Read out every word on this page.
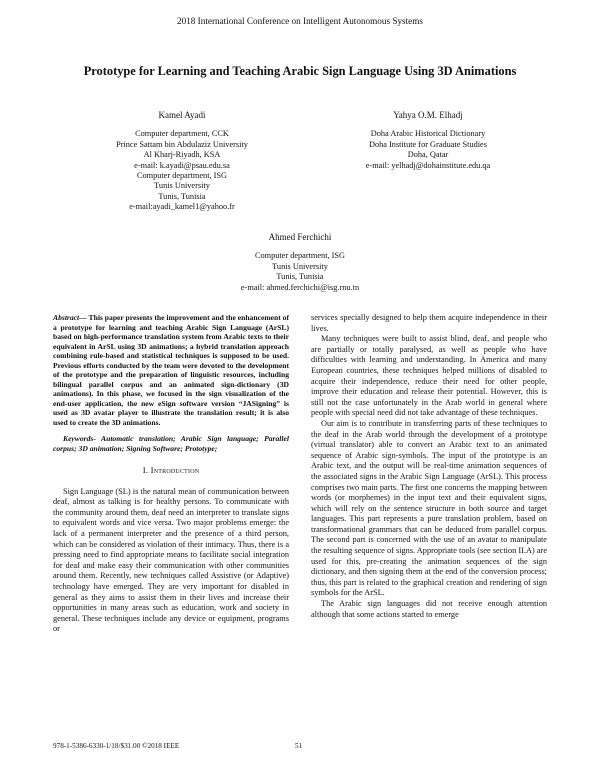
2018 International Conference on Intelligent Autonomous Systems
Prototype for Learning and Teaching Arabic Sign Language Using 3D Animations
Kamel Ayadi
Computer department, CCK
Prince Sattam bin Abdulaziz University
Al Kharj-Riyadh, KSA
e-mail: k.ayadi@psau.edu.sa
Computer department, ISG
Tunis University
Tunis, Tunisia
e-mail:ayadi_kamel1@yahoo.fr
Yahya O.M. Elhadj
Doha Arabic Historical Dictionary
Doha Institute for Graduate Studies
Doha, Qatar
e-mail: yelhadj@dohainstitute.edu.qa
Ahmed Ferchichi
Computer department, ISG
Tunis University
Tunis, Tunisia
e-mail: ahmed.ferchichi@isg.rnu.tn
Abstract— This paper presents the improvement and the enhancement of a prototype for learning and teaching Arabic Sign Language (ArSL) based on high-performance translation system from Arabic texts to their equivalent in ArSL using 3D animations; a hybrid translation approach combining rule-based and statistical techniques is supposed to be used. Previous efforts conducted by the team were devoted to the development of the prototype and the preparation of linguistic resources, including bilingual parallel corpus and an animated sign-dictionary (3D animations). In this phase, we focused in the sign visualization of the end-user application, the new eSign software version “JASigning” is used as 3D avatar player to illustrate the translation result; it is also used to create the 3D animations.
Keywords- Automatic translation; Arabic Sign language; Parallel corpus; 3D animation; Signing Software; Prototype;
I. Introduction
Sign Language (SL) is the natural mean of communication between deaf, almost as talking is for healthy persons. To communicate with the community around them, deaf need an interpreter to translate signs to equivalent words and vice versa. Two major problems emerge: the lack of a permanent interpreter and the presence of a third person, which can be considered as violation of their intimacy. Thus, there is a pressing need to find appropriate means to facilitate social integration for deaf and make easy their communication with other communities around them. Recently, new techniques called Assistive (or Adaptive) technology have emerged. They are very important for disabled in general as they aims to assist them in their lives and increase their opportunities in many areas such as education, work and society in general. These techniques include any device or equipment, programs or
services specially designed to help them acquire independence in their lives.
Many techniques were built to assist blind, deaf, and people who are partially or totally paralysed, as well as people who have difficulties with learning and understanding. In America and many European countries, these techniques helped millions of disabled to acquire their independence, reduce their need for other people, improve their education and release their potential. However, this is still not the case unfortunately in the Arab world in general where people with special need did not take advantage of these techniques.
Our aim is to contribute in transferring parts of these techniques to the deaf in the Arab world through the development of a prototype (virtual translator) able to convert an Arabic text to an animated sequence of Arabic sign-symbols. The input of the prototype is an Arabic text, and the output will be real-time animation sequences of the associated signs in the Arabic Sign Language (ArSL). This process comprises two main parts. The first one concerns the mapping between words (or morphemes) in the input text and their equivalent signs, which will rely on the sentence structure in both source and target languages. This part represents a pure translation problem, based on transformational grammars that can be deduced from parallel corpus. The second part is concerned with the use of an avatar to manipulate the resulting sequence of signs. Appropriate tools (see section II.A) are used for this, pre-creating the animation sequences of the sign dictionary, and then signing them at the end of the conversion process; thus, this part is related to the graphical creation and rendering of sign symbols for the ArSL.
The Arabic sign languages did not receive enough attention although that some actions started to emerge
978-1-5386-6330-1/18/$31.00 ©2018 IEEE	51
